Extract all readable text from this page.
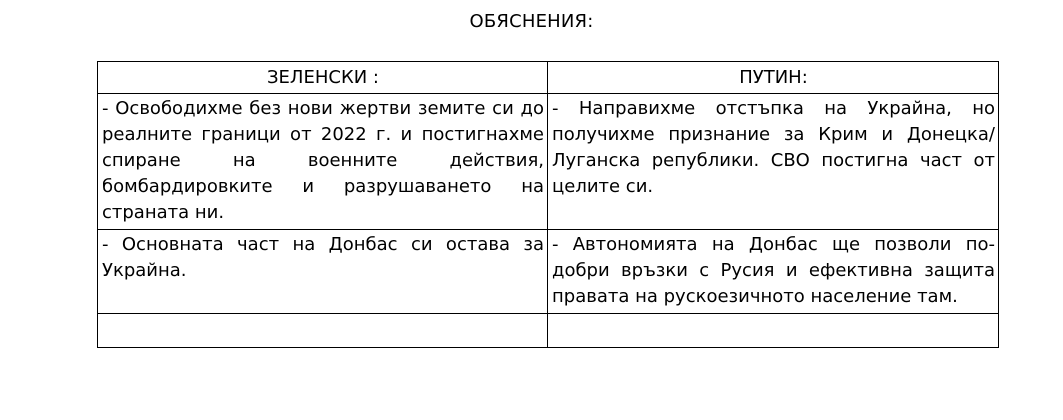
ОБЯСНЕНИЯ:
ЗЕЛЕНСКИ :	ПУТИН:
- Освободихме без нови жертви земите си до реалните граници от 2022 г. и постигнахме спиране на военните действия, бомбардировките и разрушаването на страната ни.	- Направихме отстъпка на Украйна, но получихме признание за Крим и Донецка/ Луганска републики. СВО постигна част от целите си.
- Основната част на Донбас си остава за Украйна.	- Автономията на Донбас ще позволи по-добри връзки с Русия и ефективна защита правата на рускоезичното население там.
